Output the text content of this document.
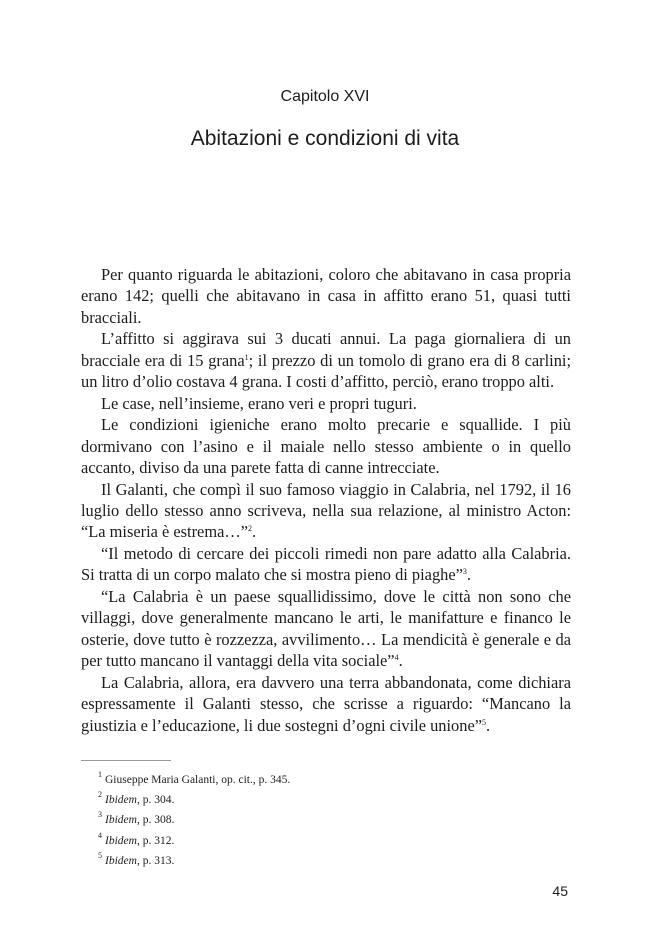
Capitolo XVI
Abitazioni e condizioni di vita

Per quanto riguarda le abitazioni, coloro che abitavano in casa propria erano 142; quelli che abitavano in casa in affitto erano 51, quasi tutti bracciali.

L’affitto si aggirava sui 3 ducati annui. La paga giornaliera di un bracciale era di 15 grana$^1$; il prezzo di un tomolo di grano era di 8 carlini; un litro d’olio costava 4 grana. I costi d’affitto, perciò, erano troppo alti.

Le case, nell’insieme, erano veri e propri tuguri.

Le condizioni igieniche erano molto precarie e squallide. I più dormivano con l’asino e il maiale nello stesso ambiente o in quello accanto, diviso da una parete fatta di canne intrecciate.

Il Galanti, che compì il suo famoso viaggio in Calabria, nel 1792, il 16 luglio dello stesso anno scriveva, nella sua relazione, al ministro Acton: “La miseria è estrema…”$^2$.

“Il metodo di cercare dei piccoli rimedi non pare adatto alla Calabria. Si tratta di un corpo malato che si mostra pieno di piaghe”$^3$.

“La Calabria è un paese squallidissimo, dove le città non sono che villaggi, dove generalmente mancano le arti, le manifatture e financo le osterie, dove tutto è rozzezza, avvilimento… La mendicità è generale e da per tutto mancano il vantaggi della vita sociale”$^4$.

La Calabria, allora, era davvero una terra abbandonata, come dichiara espressamente il Galanti stesso, che scrisse a riguardo: “Mancano la giustizia e l’educazione, li due sostegni d’ogni civile unione”$^5$.

$^1$ Giuseppe Maria Galanti, op. cit., p. 345.
$^2$ Ibidem, p. 304.
$^3$ Ibidem, p. 308.
$^4$ Ibidem, p. 312.
$^5$ Ibidem, p. 313.
45
